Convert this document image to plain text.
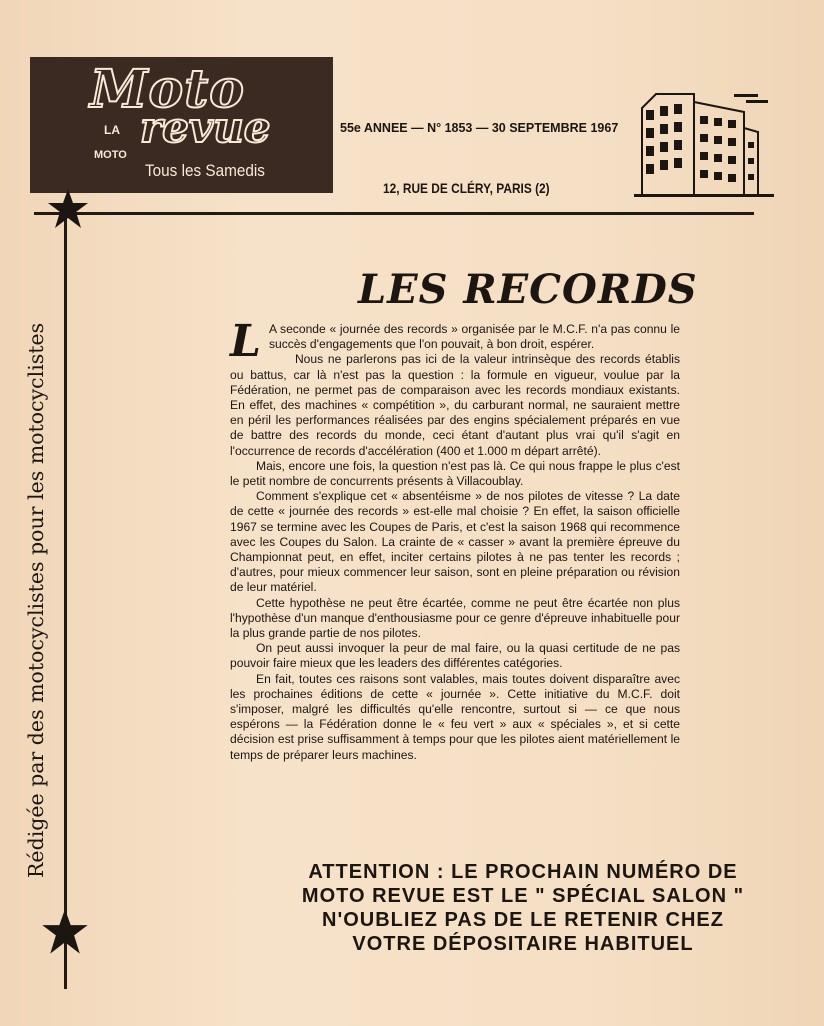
Moto
revue
LA
MOTO
Tous les Samedis
55e ANNEE — N° 1853 — 30 SEPTEMBRE 1967
12, RUE DE CLÉRY, PARIS (2)
Rédigée par des motocyclistes pour les motocyclistes
LES RECORDS

L A seconde « journée des records » organisée par le M.C.F. n'a pas connu le succès d'engagements que l'on pouvait, à bon droit, espérer.

Nous ne parlerons pas ici de la valeur intrinsèque des records établis ou battus, car là n'est pas la question : la formule en vigueur, voulue par la Fédération, ne permet pas de comparaison avec les records mondiaux existants. En effet, des machines « compétition », du carburant normal, ne sauraient mettre en péril les performances réalisées par des engins spécialement préparés en vue de battre des records du monde, ceci étant d'autant plus vrai qu'il s'agit en l'occurrence de records d'accélération (400 et 1.000 m départ arrêté).

Mais, encore une fois, la question n'est pas là. Ce qui nous frappe le plus c'est le petit nombre de concurrents présents à Villacoublay.

Comment s'explique cet « absentéisme » de nos pilotes de vitesse ? La date de cette « journée des records » est-elle mal choisie ? En effet, la saison officielle 1967 se termine avec les Coupes de Paris, et c'est la saison 1968 qui recommence avec les Coupes du Salon. La crainte de « casser » avant la première épreuve du Championnat peut, en effet, inciter certains pilotes à ne pas tenter les records ; d'autres, pour mieux commencer leur saison, sont en pleine préparation ou révision de leur matériel.

Cette hypothèse ne peut être écartée, comme ne peut être écartée non plus l'hypothèse d'un manque d'enthousiasme pour ce genre d'épreuve inhabituelle pour la plus grande partie de nos pilotes.

On peut aussi invoquer la peur de mal faire, ou la quasi certitude de ne pas pouvoir faire mieux que les leaders des différentes catégories.

En fait, toutes ces raisons sont valables, mais toutes doivent disparaître avec les prochaines éditions de cette « journée ». Cette initiative du M.C.F. doit s'imposer, malgré les difficultés qu'elle rencontre, surtout si — ce que nous espérons — la Fédération donne le « feu vert » aux « spéciales », et si cette décision est prise suffisamment à temps pour que les pilotes aient matériellement le temps de préparer leurs machines.

ATTENTION : LE PROCHAIN NUMÉRO DE
MOTO REVUE EST LE " SPÉCIAL SALON "
N'OUBLIEZ PAS DE LE RETENIR CHEZ
VOTRE DÉPOSITAIRE HABITUEL
